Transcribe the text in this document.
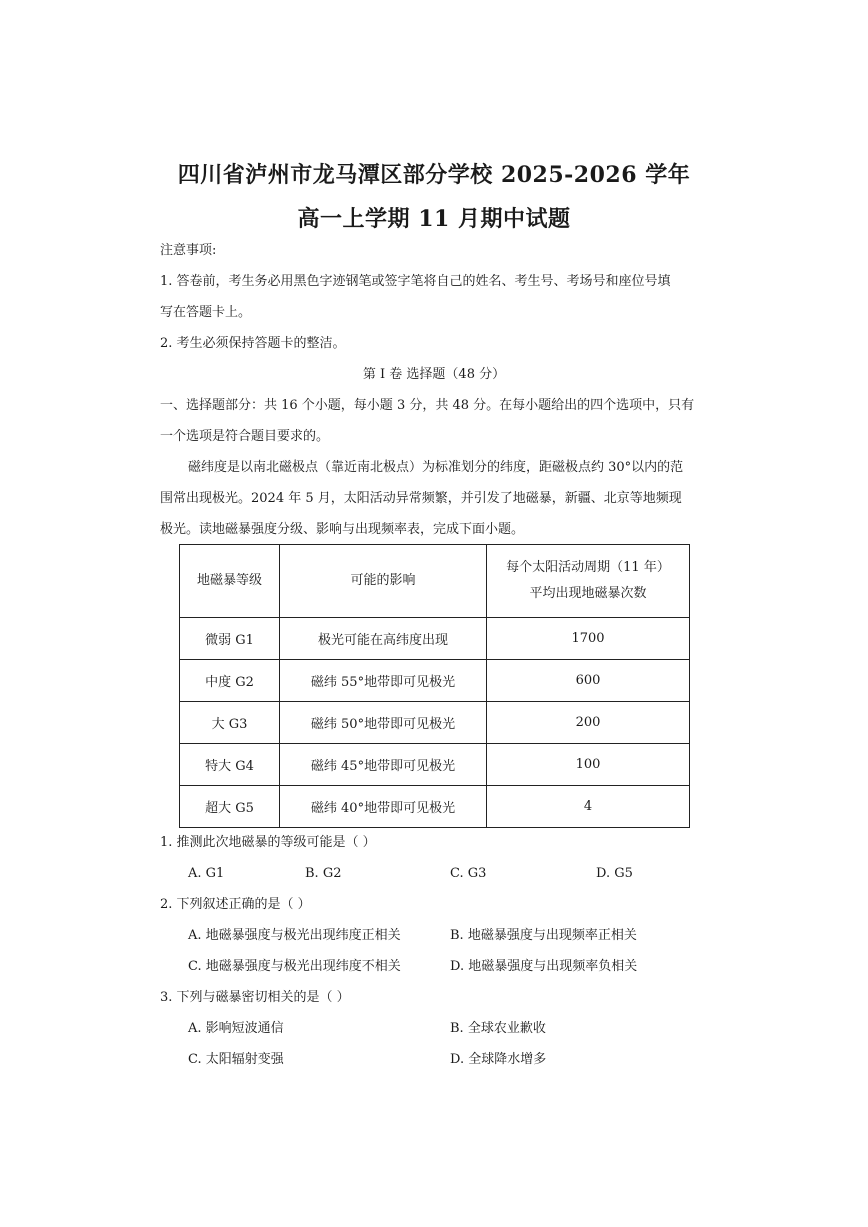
四川省泸州市龙马潭区部分学校 2025-2026 学年
高一上学期 11 月期中试题
注意事项:
1. 答卷前，考生务必用黑色字迹钢笔或签字笔将自己的姓名、考生号、考场号和座位号填
写在答题卡上。
2. 考生必须保持答题卡的整洁。
第 I 卷 选择题（48 分）
一、选择题部分：共 16 个小题，每小题 3 分，共 48 分。在每小题给出的四个选项中，只有
一个选项是符合题目要求的。
磁纬度是以南北磁极点（靠近南北极点）为标准划分的纬度，距磁极点约 30°以内的范
围常出现极光。2024 年 5 月，太阳活动异常频繁，并引发了地磁暴，新疆、北京等地频现
极光。读地磁暴强度分级、影响与出现频率表，完成下面小题。
地磁暴等级	可能的影响	每个太阳活动周期（11 年）
平均出现地磁暴次数
微弱 G1	极光可能在高纬度出现	1700
中度 G2	磁纬 55°地带即可见极光	600
大 G3	磁纬 50°地带即可见极光	200
特大 G4	磁纬 45°地带即可见极光	100
超大 G5	磁纬 40°地带即可见极光	4
1. 推测此次地磁暴的等级可能是（ ）
A. G1	B. G2	C. G3	D. G5
2. 下列叙述正确的是（ ）
A. 地磁暴强度与极光出现纬度正相关	B. 地磁暴强度与出现频率正相关
C. 地磁暴强度与极光出现纬度不相关	D. 地磁暴强度与出现频率负相关
3. 下列与磁暴密切相关的是（ ）
A. 影响短波通信	B. 全球农业歉收
C. 太阳辐射变强	D. 全球降水增多
